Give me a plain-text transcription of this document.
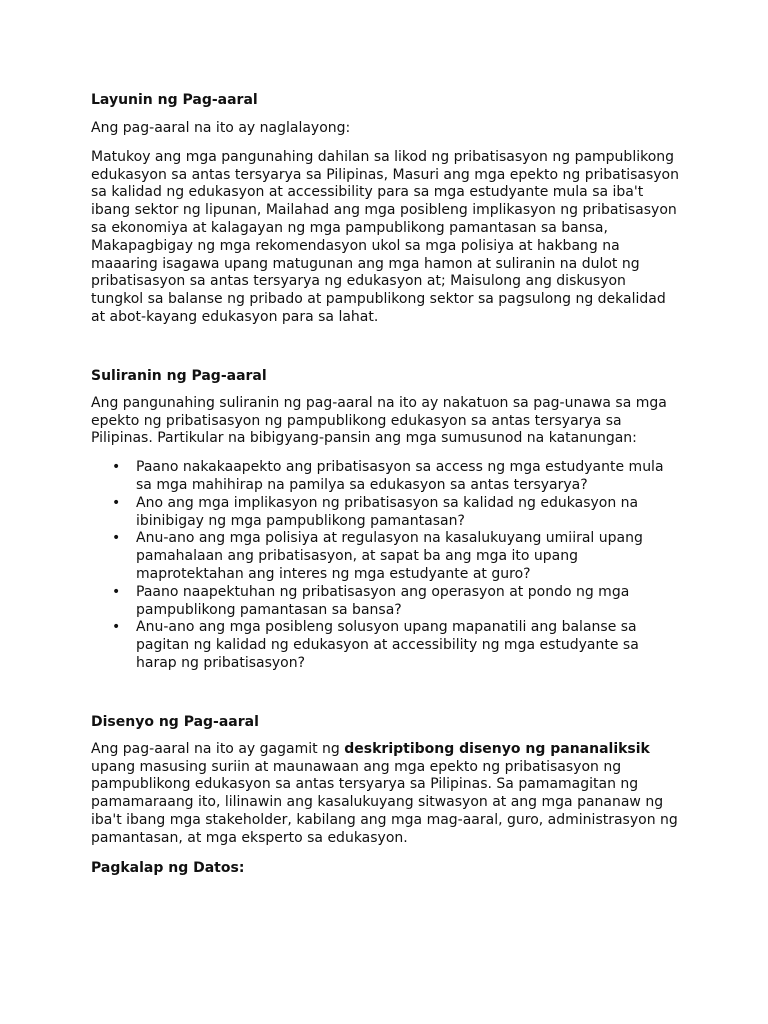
Layunin ng Pag-aaral

Ang pag-aaral na ito ay naglalayong:

Matukoy ang mga pangunahing dahilan sa likod ng pribatisasyon ng pampublikong edukasyon sa antas tersyarya sa Pilipinas, Masuri ang mga epekto ng pribatisasyon sa kalidad ng edukasyon at accessibility para sa mga estudyante mula sa iba't ibang sektor ng lipunan, Mailahad ang mga posibleng implikasyon ng pribatisasyon sa ekonomiya at kalagayan ng mga pampublikong pamantasan sa bansa, Makapagbigay ng mga rekomendasyon ukol sa mga polisiya at hakbang na maaaring isagawa upang matugunan ang mga hamon at suliranin na dulot ng pribatisasyon sa antas tersyarya ng edukasyon at; Maisulong ang diskusyon tungkol sa balanse ng pribado at pampublikong sektor sa pagsulong ng dekalidad at abot-kayang edukasyon para sa lahat.

Suliranin ng Pag-aaral

Ang pangunahing suliranin ng pag-aaral na ito ay nakatuon sa pag-unawa sa mga epekto ng pribatisasyon ng pampublikong edukasyon sa antas tersyarya sa Pilipinas. Partikular na bibigyang-pansin ang mga sumusunod na katanungan:

• Paano nakakaapekto ang pribatisasyon sa access ng mga estudyante mula sa mga mahihirap na pamilya sa edukasyon sa antas tersyarya?
• Ano ang mga implikasyon ng pribatisasyon sa kalidad ng edukasyon na ibinibigay ng mga pampublikong pamantasan?
• Anu-ano ang mga polisiya at regulasyon na kasalukuyang umiiral upang pamahalaan ang pribatisasyon, at sapat ba ang mga ito upang maprotektahan ang interes ng mga estudyante at guro?
• Paano naapektuhan ng pribatisasyon ang operasyon at pondo ng mga pampublikong pamantasan sa bansa?
• Anu-ano ang mga posibleng solusyon upang mapanatili ang balanse sa pagitan ng kalidad ng edukasyon at accessibility ng mga estudyante sa harap ng pribatisasyon?
Disenyo ng Pag-aaral

Ang pag-aaral na ito ay gagamit ng deskriptibong disenyo ng pananaliksik upang masusing suriin at maunawaan ang mga epekto ng pribatisasyon ng pampublikong edukasyon sa antas tersyarya sa Pilipinas. Sa pamamagitan ng pamamaraang ito, lilinawin ang kasalukuyang sitwasyon at ang mga pananaw ng iba't ibang mga stakeholder, kabilang ang mga mag-aaral, guro, administrasyon ng pamantasan, at mga eksperto sa edukasyon.

Pagkalap ng Datos:
